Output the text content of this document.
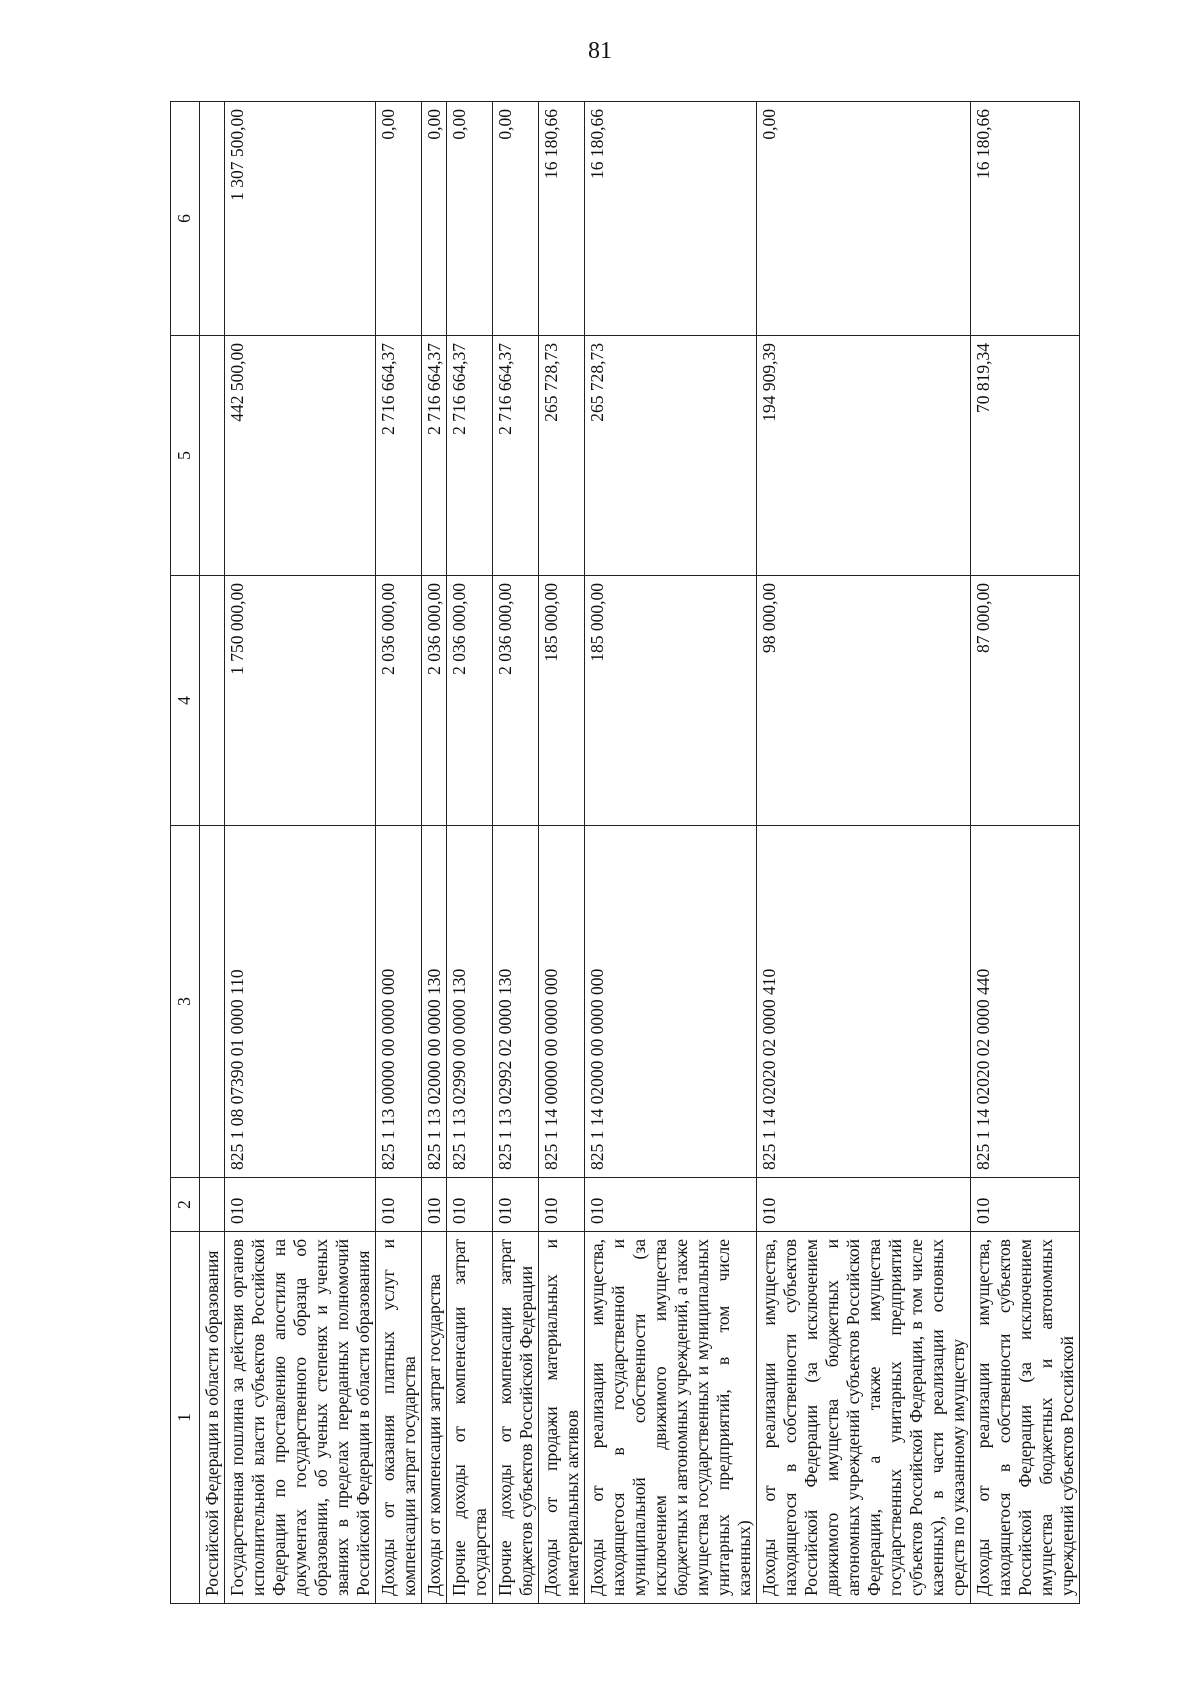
81
1	2	3	4	5	6
Российской Федерации в области образования					
Государственная пошлина за действия органов исполнительной власти субъектов Российской Федерации по проставлению апостиля на документах государственного образца об образовании, об ученых степенях и ученых званиях в пределах переданных полномочий Российской Федерации в области образования	010	825 1 08 07390 01 0000 110	1 750 000,00	442 500,00	1 307 500,00
Доходы от оказания платных услуг и компенсации затрат государства	010	825 1 13 00000 00 0000 000	2 036 000,00	2 716 664,37	0,00
Доходы от компенсации затрат государства	010	825 1 13 02000 00 0000 130	2 036 000,00	2 716 664,37	0,00
Прочие доходы от компенсации затрат государства	010	825 1 13 02990 00 0000 130	2 036 000,00	2 716 664,37	0,00
Прочие доходы от компенсации затрат бюджетов субъектов Российской Федерации	010	825 1 13 02992 02 0000 130	2 036 000,00	2 716 664,37	0,00
Доходы от продажи материальных и нематериальных активов	010	825 1 14 00000 00 0000 000	185 000,00	265 728,73	16 180,66
Доходы от реализации имущества, находящегося в государственной и муниципальной собственности (за исключением движимого имущества бюджетных и автономных учреждений, а также имущества государственных и муниципальных унитарных предприятий, в том числе казенных)	010	825 1 14 02000 00 0000 000	185 000,00	265 728,73	16 180,66
Доходы от реализации имущества, находящегося в собственности субъектов Российской Федерации (за исключением движимого имущества бюджетных и автономных учреждений субъектов Российской Федерации, а также имущества государственных унитарных предприятий субъектов Российской Федерации, в том числе казенных), в части реализации основных средств по указанному имуществу	010	825 1 14 02020 02 0000 410	98 000,00	194 909,39	0,00
Доходы от реализации имущества, находящегося в собственности субъектов Российской Федерации (за исключением имущества бюджетных и автономных учреждений субъектов Российской	010	825 1 14 02020 02 0000 440	87 000,00	70 819,34	16 180,66
